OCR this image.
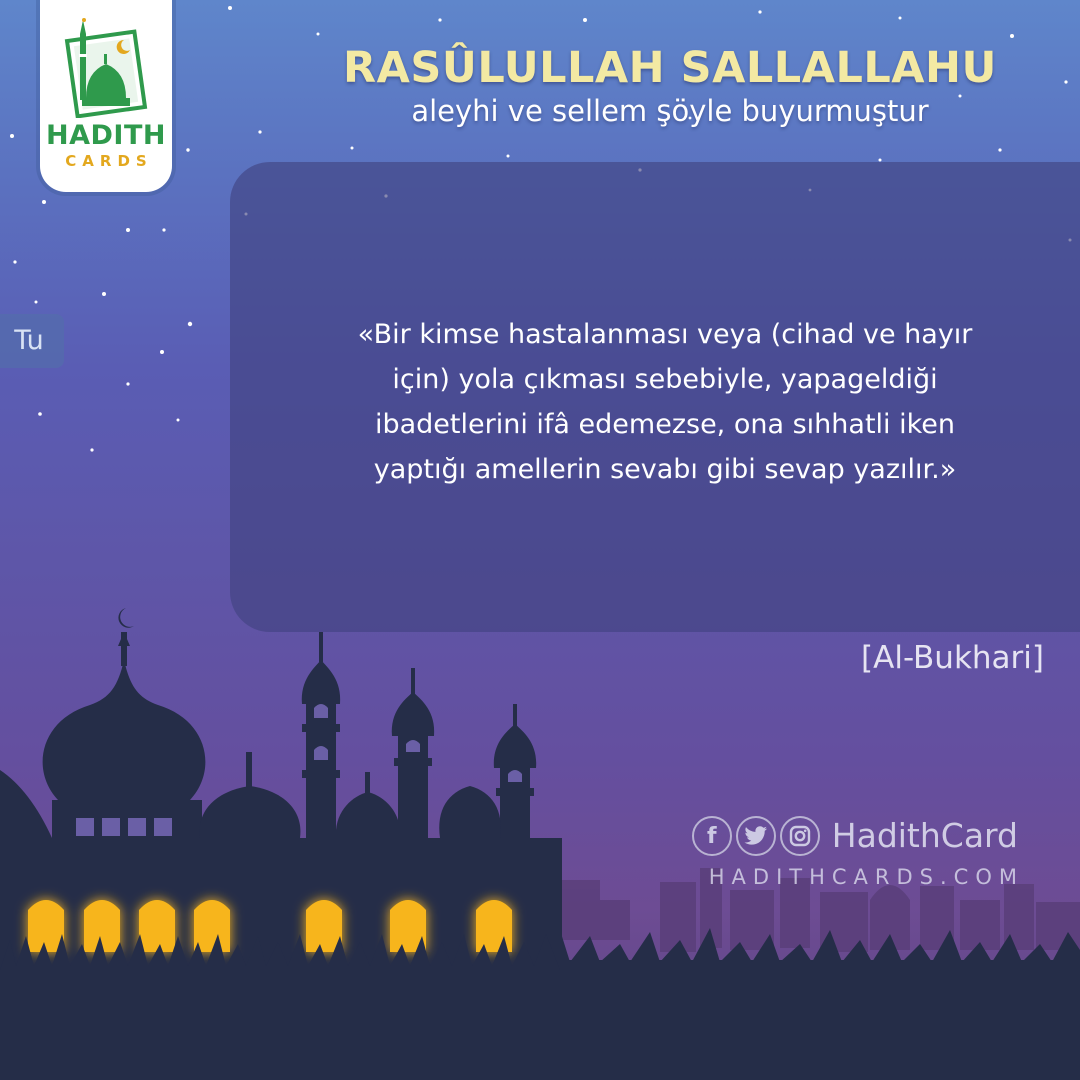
HADITH
CARDS
RASÛLULLAH SALLALLAHU
aleyhi ve sellem şöyle buyurmuştur
Tu	«Bir kimse hastalanması veya (cihad ve hayır
için) yola çıkması sebebiyle, yapageldiği
ibadetlerini ifâ edemezse, ona sıhhatli iken
yaptığı amellerin sevabı gibi sevap yazılır.»
[Al-Bukhari]
f	HadithCard
HADITHCARDS.COM
